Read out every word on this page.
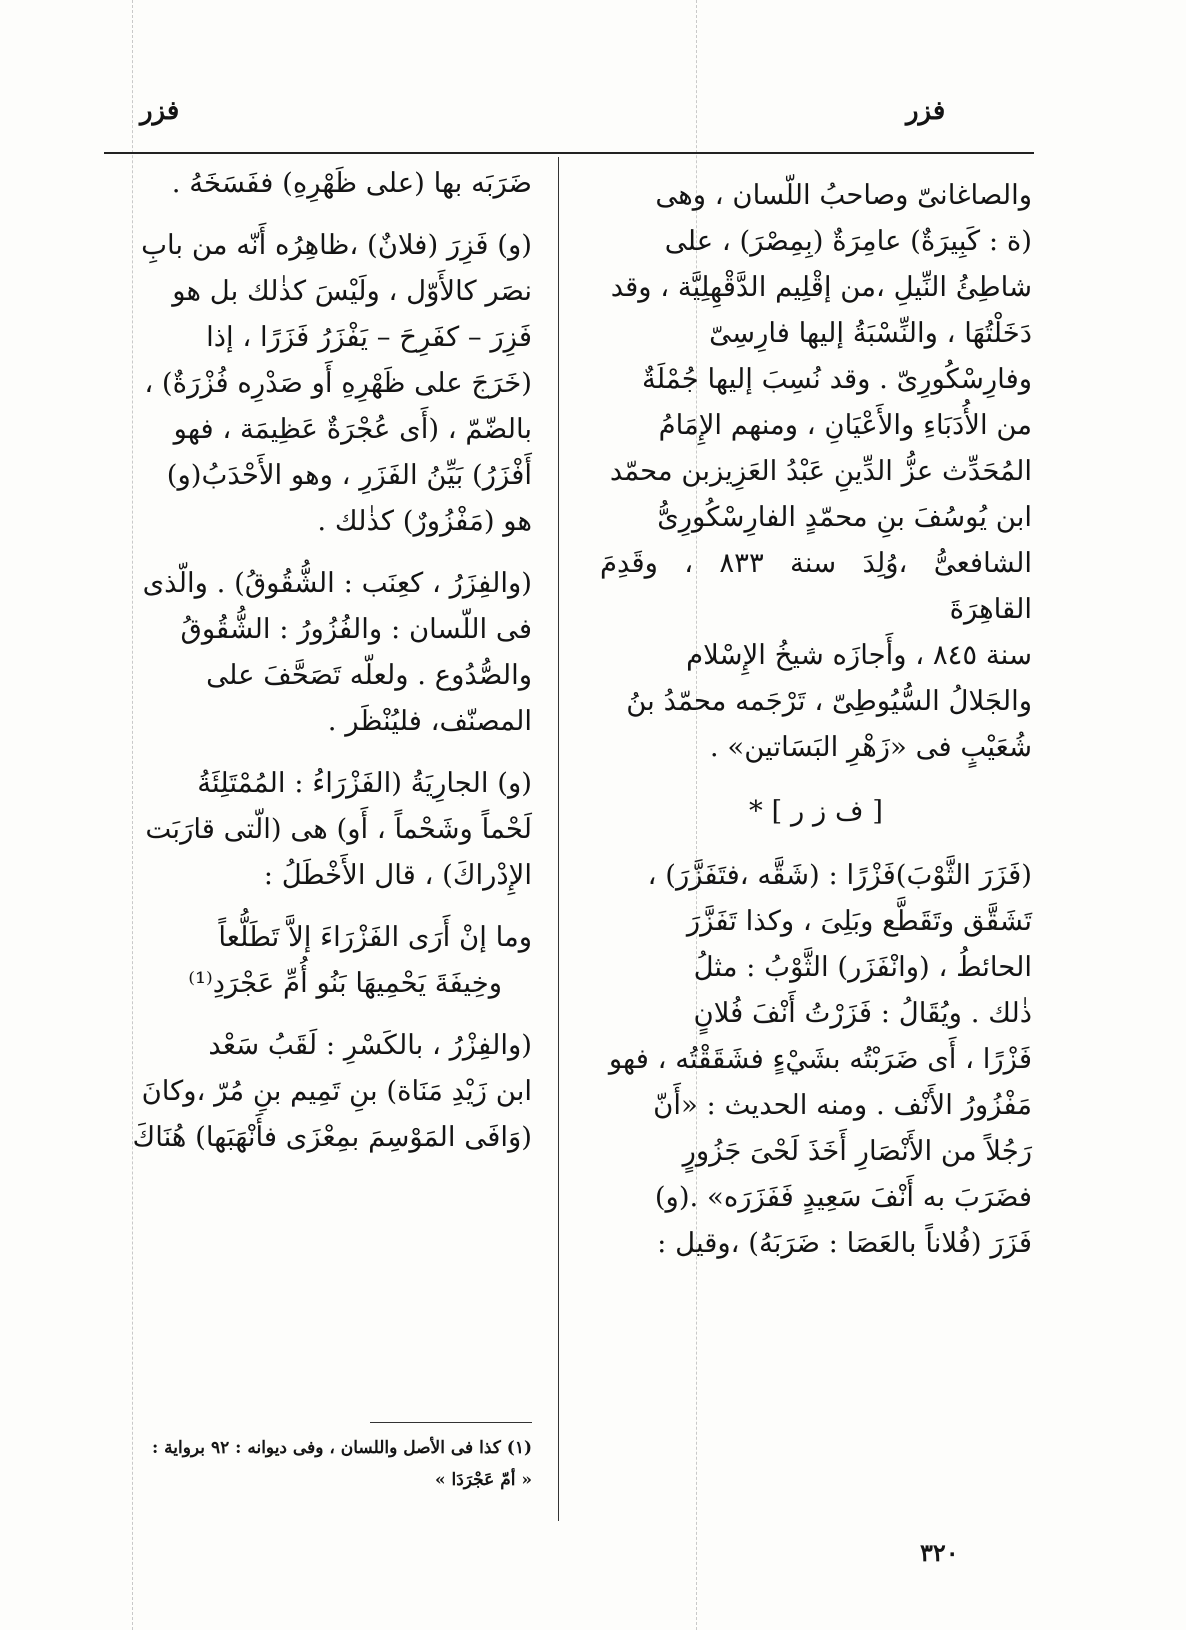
فزر	فزر

والصاغانىّ وصاحبُ اللّسان ، وهى

(ة : كَبِيرَةٌ) عامِرَةٌ (بِمِصْرَ) ، على

شاطِئُ النِّيلِ ،من إقْلِيم الدَّقْهِلِيَّة ، وقد

دَخَلْتُهَا ، والنِّسْبَةُ إليها فارِسِىّ

وفارِسْكُورِىّ . وقد نُسِبَ إليها جُمْلَةٌ

من الأُدَبَاءِ والأَعْيَانِ ، ومنهم الإِمَامُ

المُحَدِّث عزُّ الدِّينِ عَبْدُ العَزِيزبن محمّد

ابن يُوسُفَ بنِ محمّدٍ الفارِسْكُورِىُّ

الشافعىُّ ،وُلِدَ سنة ٨٣٣ ، وقَدِمَ القاهِرَةَ

سنة ٨٤٥ ، وأَجازَه شيخُ الإِسْلام

والجَلالُ السُّيُوطِىّ ، تَرْجَمه محمّدُ بنُ

شُعَيْبٍ فى «زَهْرِ البَسَاتين» .

[ ف ز ر ] *

(فَزَرَ الثَّوْبَ)فَزْرًا : (شَقَّه ،فتَفَزَّرَ) ،

تَشَقَّق وتَقَطَّع وبَلِىَ ، وكذا تَفَزَّرَ

الحائطُ ، (وانْفَزَر) الثَّوْبُ : مثلُ

ذٰلك . ويُقَالُ : فَزَرْتُ أَنْفَ فُلانٍ

فَزْرًا ، أَى ضَرَبْتُه بشَيْءٍ فشَقَقْتُه ، فهو

مَفْزُورُ الأَنْف . ومنه الحديث : «أَنّ

رَجُلاً من الأَنْصَارِ أَخَذَ لَحْىَ جَزُورٍ

فضَرَبَ به أَنْفَ سَعِيدٍ فَفَزَرَه» .(و)

فَزَرَ (فُلاناً بالعَصَا : ضَرَبَهُ) ،وقيل :

ضَرَبَه بها (على ظَهْرِهِ) ففَسَخَهُ .

(و) فَزِرَ (فلانٌ) ،ظاهِرُه أَنّه من بابِ

نصَر كالأَوّل ، ولَيْسَ كذٰلك بل هو

فَزِرَ – كفَرِحَ – يَفْزَرُ فَزَرًا ، إذا

(خَرَجَ على ظَهْرِهِ أَو صَدْرِه فُزْرَةٌ) ،

بالضّمّ ، (أَى عُجْرَةٌ عَظِيمَة ، فهو

أَفْزَرُ) بَيِّنُ الفَزَرِ ، وهو الأَحْدَبُ(و)

هو (مَفْزُورٌ) كذٰلك .

(والفِزَرُ ، كعِنَب : الشُّقُوقُ) . والّذى

فى اللّسان : والفُزُورُ : الشُّقُوقُ

والصُّدُوع . ولعلّه تَصَحَّفَ على

المصنّف، فليُنْظَر .

(و) الجارِيَةُ (الفَزْرَاءُ : المُمْتَلِئَةُ

لَحْماً وشَحْماً ، أَو) هى (الّتى قارَبَت

الإِدْراكَ) ، قال الأَخْطَلُ :

وما إنْ أَرَى الفَزْرَاءَ إلاَّ تَطَلُّعاً

وخِيفَةَ يَحْمِيهَا بَنُو أُمِّ عَجْرَدِ⁽¹⁾

(والفِزْرُ ، بالكَسْرِ : لَقَبُ سَعْد

ابن زَيْدِ مَنَاة) بنِ تَمِيم بنِ مُرّ ،وكانَ

(وَافَى المَوْسِمَ بمِعْزَى فأَنْهَبَها) هُنَاكَ

(١) كذا فى الأصل واللسان ، وفى ديوانه : ٩٢ برواية :

« أمّ عَجْرَدَا »

٣٢٠
